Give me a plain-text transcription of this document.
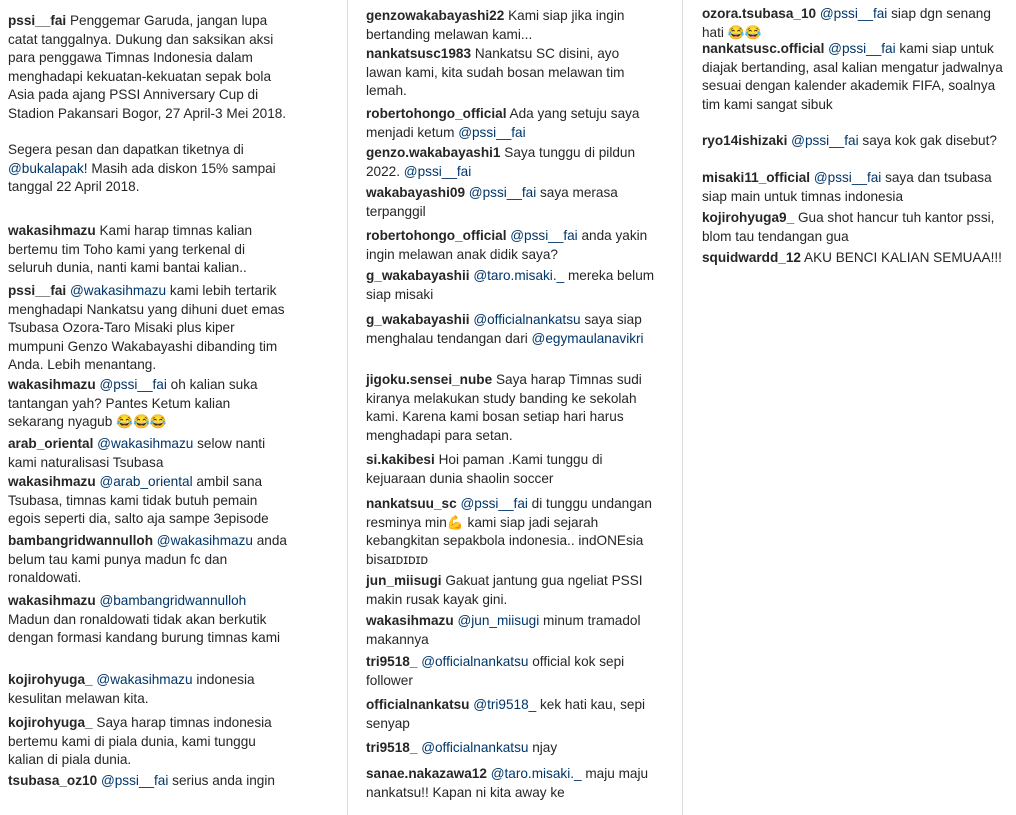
pssi__fai Penggemar Garuda, jangan lupa catat tanggalnya. Dukung dan saksikan aksi para penggawa Timnas Indonesia dalam menghadapi kekuatan-kekuatan sepak bola Asia pada ajang PSSI Anniversary Cup di Stadion Pakansari Bogor, 27 April-3 Mei 2018.

Segera pesan dan dapatkan tiketnya di @bukalapak! Masih ada diskon 15% sampai tanggal 22 April 2018.

wakasihmazu Kami harap timnas kalian bertemu tim Toho kami yang terkenal di seluruh dunia, nanti kami bantai kalian..
pssi__fai @wakasihmazu kami lebih tertarik menghadapi Nankatsu yang dihuni duet emas Tsubasa Ozora-Taro Misaki plus kiper mumpuni Genzo Wakabayashi dibanding tim Anda. Lebih menantang.
wakasihmazu @pssi__fai oh kalian suka tantangan yah? Pantes Ketum kalian sekarang nyagub 😂😂😂
arab_oriental @wakasihmazu selow nanti kami naturalisasi Tsubasa
wakasihmazu @arab_oriental ambil sana Tsubasa, timnas kami tidak butuh pemain egois seperti dia, salto aja sampe 3episode
bambangridwannulloh @wakasihmazu anda belum tau kami punya madun fc dan ronaldowati.
wakasihmazu @bambangridwannulloh Madun dan ronaldowati tidak akan berkutik dengan formasi kandang burung timnas kami
kojirohyuga_ @wakasihmazu indonesia kesulitan melawan kita.
kojirohyuga_ Saya harap timnas indonesia bertemu kami di piala dunia, kami tunggu kalian di piala dunia.
tsubasa_oz10 @pssi__fai serius anda ingin
genzowakabayashi22 Kami siap jika ingin bertanding melawan kami...
nankatsusc1983 Nankatsu SC disini, ayo lawan kami, kita sudah bosan melawan tim lemah.
robertohongo_official Ada yang setuju saya menjadi ketum @pssi__fai
genzo.wakabayashi1 Saya tunggu di pildun 2022. @pssi__fai
wakabayashi09 @pssi__fai saya merasa terpanggil
robertohongo_official @pssi__fai anda yakin ingin melawan anak didik saya?
g_wakabayashii @taro.misaki._ mereka belum siap misaki
g_wakabayashii @officialnankatsu saya siap menghalau tendangan dari @egymaulanavikri
jigoku.sensei_nube Saya harap Timnas sudi kiranya melakukan study banding ke sekolah kami. Karena kami bosan setiap hari harus menghadapi para setan.
si.kakibesi Hoi paman .Kami tunggu di kejuaraan dunia shaolin soccer
nankatsuu_sc @pssi__fai di tunggu undangan resminya min💪 kami siap jadi sejarah kebangkitan sepakbola indonesia.. indONEsia bisaɪᴅɪᴅɪᴅ
jun_miisugi Gakuat jantung gua ngeliat PSSI makin rusak kayak gini.
wakasihmazu @jun_miisugi minum tramadol makannya
tri9518_ @officialnankatsu official kok sepi follower
officialnankatsu @tri9518_ kek hati kau, sepi senyap
tri9518_ @officialnankatsu njay
sanae.nakazawa12 @taro.misaki._ maju maju nankatsu!! Kapan ni kita away ke
ozora.tsubasa_10 @pssi__fai siap dgn senang hati 😂😂
nankatsusc.official @pssi__fai kami siap untuk diajak bertanding, asal kalian mengatur jadwalnya sesuai dengan kalender akademik FIFA, soalnya tim kami sangat sibuk
ryo14ishizaki @pssi__fai saya kok gak disebut?
misaki11_official @pssi__fai saya dan tsubasa siap main untuk timnas indonesia
kojirohyuga9_ Gua shot hancur tuh kantor pssi, blom tau tendangan gua
squidwardd_12 AKU BENCI KALIAN SEMUAA!!!
